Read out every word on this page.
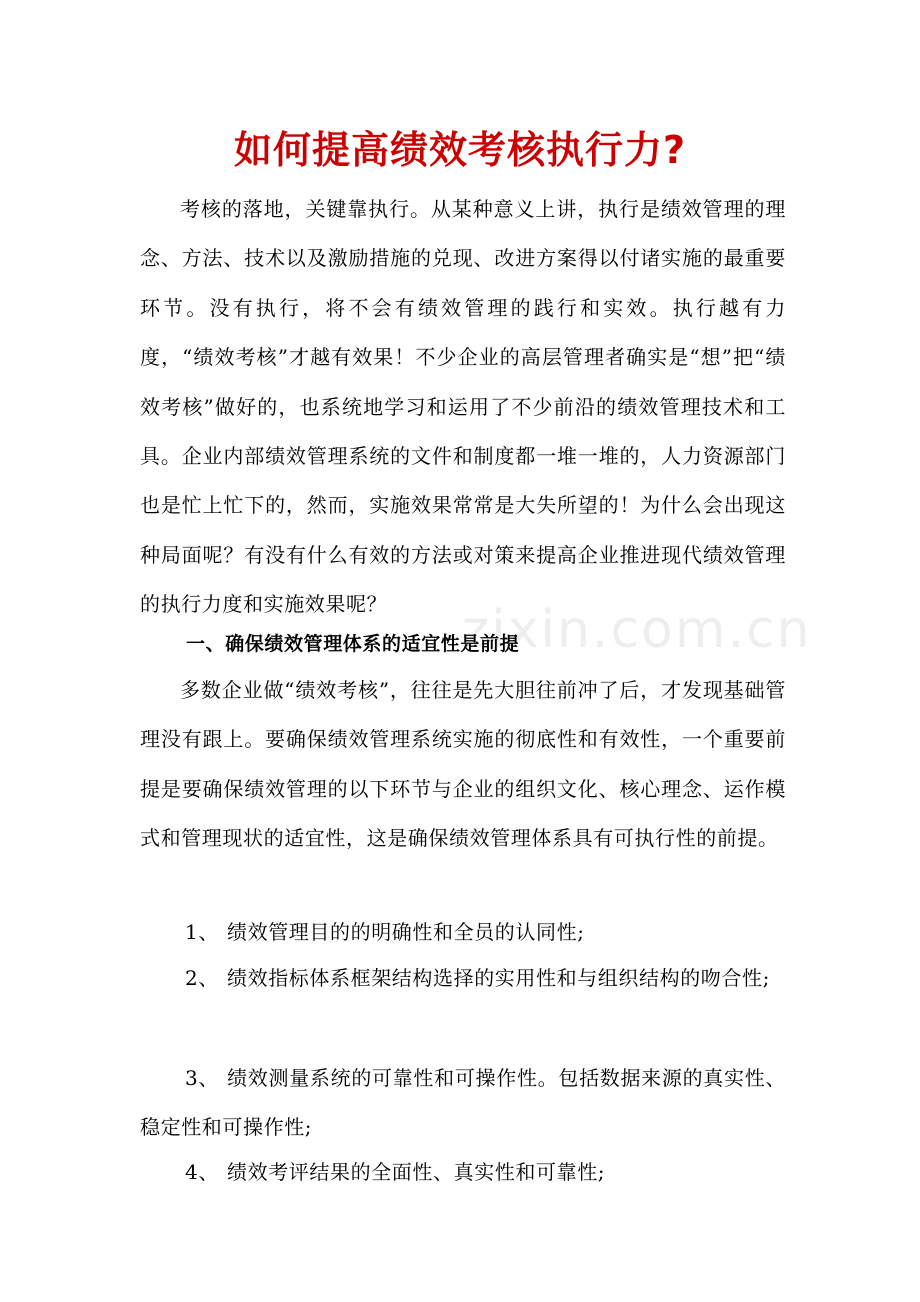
如何提高绩效考核执行力?

考核的落地，关键靠执行。从某种意义上讲，执行是绩效管理的理念、方法、技术以及激励措施的兑现、改进方案得以付诸实施的最重要环节。没有执行，将不会有绩效管理的践行和实效。执行越有力度，“绩效考核”才越有效果！不少企业的高层管理者确实是“想”把“绩效考核”做好的，也系统地学习和运用了不少前沿的绩效管理技术和工具。企业内部绩效管理系统的文件和制度都一堆一堆的，人力资源部门也是忙上忙下的，然而，实施效果常常是大失所望的！为什么会出现这种局面呢？有没有什么有效的方法或对策来提高企业推进现代绩效管理的执行力度和实施效果呢？	zixin.com.cn
一、确保绩效管理体系的适宜性是前提

多数企业做“绩效考核”，往往是先大胆往前冲了后，才发现基础管理没有跟上。要确保绩效管理系统实施的彻底性和有效性，一个重要前提是要确保绩效管理的以下环节与企业的组织文化、核心理念、运作模式和管理现状的适宜性，这是确保绩效管理体系具有可执行性的前提。

1、 绩效管理目的的明确性和全员的认同性;
2、 绩效指标体系框架结构选择的实用性和与组织结构的吻合性;
3、 绩效测量系统的可靠性和可操作性。包括数据来源的真实性、稳定性和可操作性;
4、 绩效考评结果的全面性、真实性和可靠性;
